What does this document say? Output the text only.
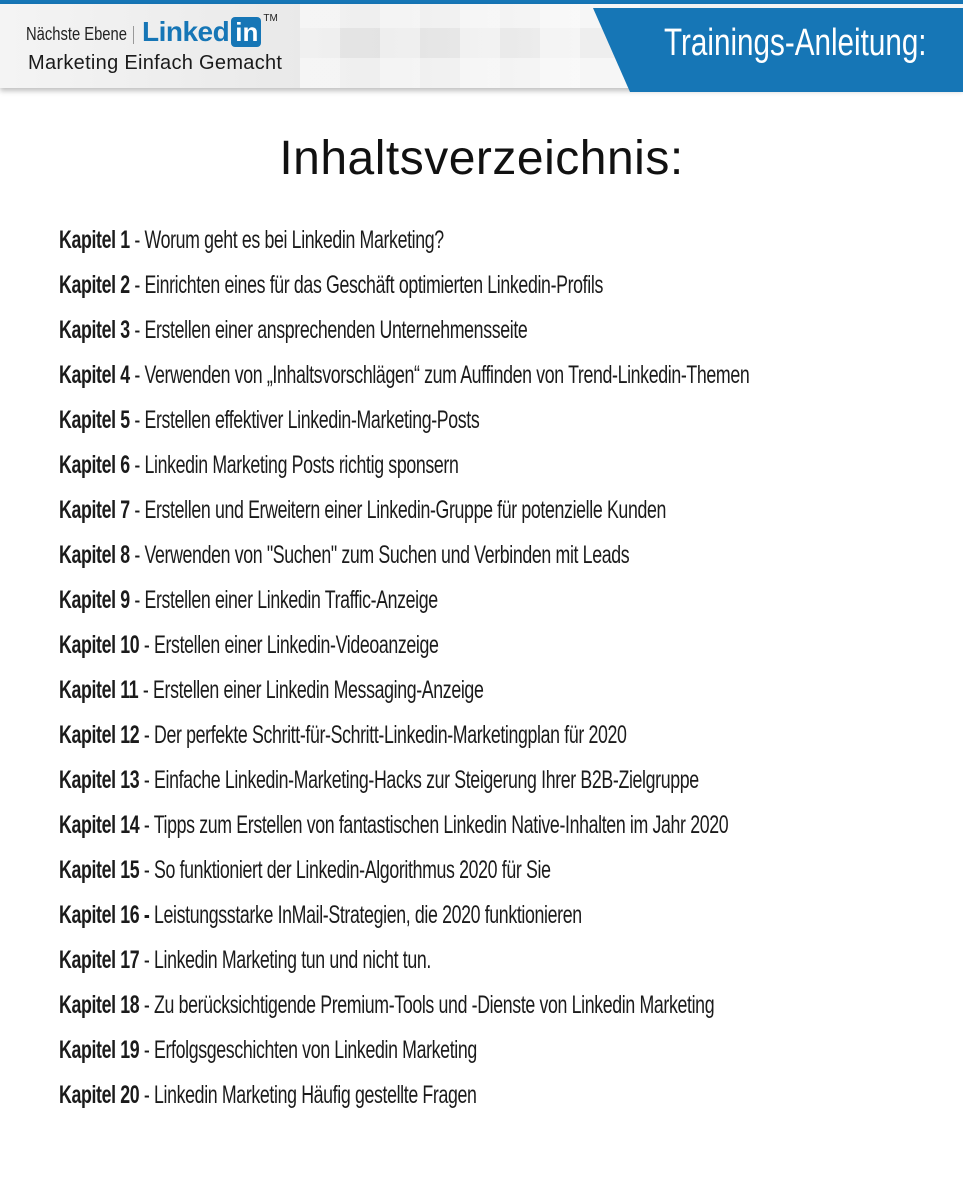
Nächste Ebene Linked in TM
Marketing Einfach Gemacht	Trainings-Anleitung:
Inhaltsverzeichnis:
Kapitel 1 - Worum geht es bei Linkedin Marketing?
Kapitel 2 - Einrichten eines für das Geschäft optimierten Linkedin-Profils
Kapitel 3 - Erstellen einer ansprechenden Unternehmensseite
Kapitel 4 - Verwenden von „Inhaltsvorschlägen“ zum Auffinden von Trend-Linkedin-Themen
Kapitel 5 - Erstellen effektiver Linkedin-Marketing-Posts
Kapitel 6 - Linkedin Marketing Posts richtig sponsern
Kapitel 7 - Erstellen und Erweitern einer Linkedin-Gruppe für potenzielle Kunden
Kapitel 8 - Verwenden von "Suchen" zum Suchen und Verbinden mit Leads
Kapitel 9 - Erstellen einer Linkedin Traffic-Anzeige
Kapitel 10 - Erstellen einer Linkedin-Videoanzeige
Kapitel 11 - Erstellen einer Linkedin Messaging-Anzeige
Kapitel 12 - Der perfekte Schritt-für-Schritt-Linkedin-Marketingplan für 2020
Kapitel 13 - Einfache Linkedin-Marketing-Hacks zur Steigerung Ihrer B2B-Zielgruppe
Kapitel 14 - Tipps zum Erstellen von fantastischen Linkedin Native-Inhalten im Jahr 2020
Kapitel 15 - So funktioniert der Linkedin-Algorithmus 2020 für Sie
Kapitel 16 - Leistungsstarke InMail-Strategien, die 2020 funktionieren
Kapitel 17 - Linkedin Marketing tun und nicht tun.
Kapitel 18 - Zu berücksichtigende Premium-Tools und -Dienste von Linkedin Marketing
Kapitel 19 - Erfolgsgeschichten von Linkedin Marketing
Kapitel 20 - Linkedin Marketing Häufig gestellte Fragen
